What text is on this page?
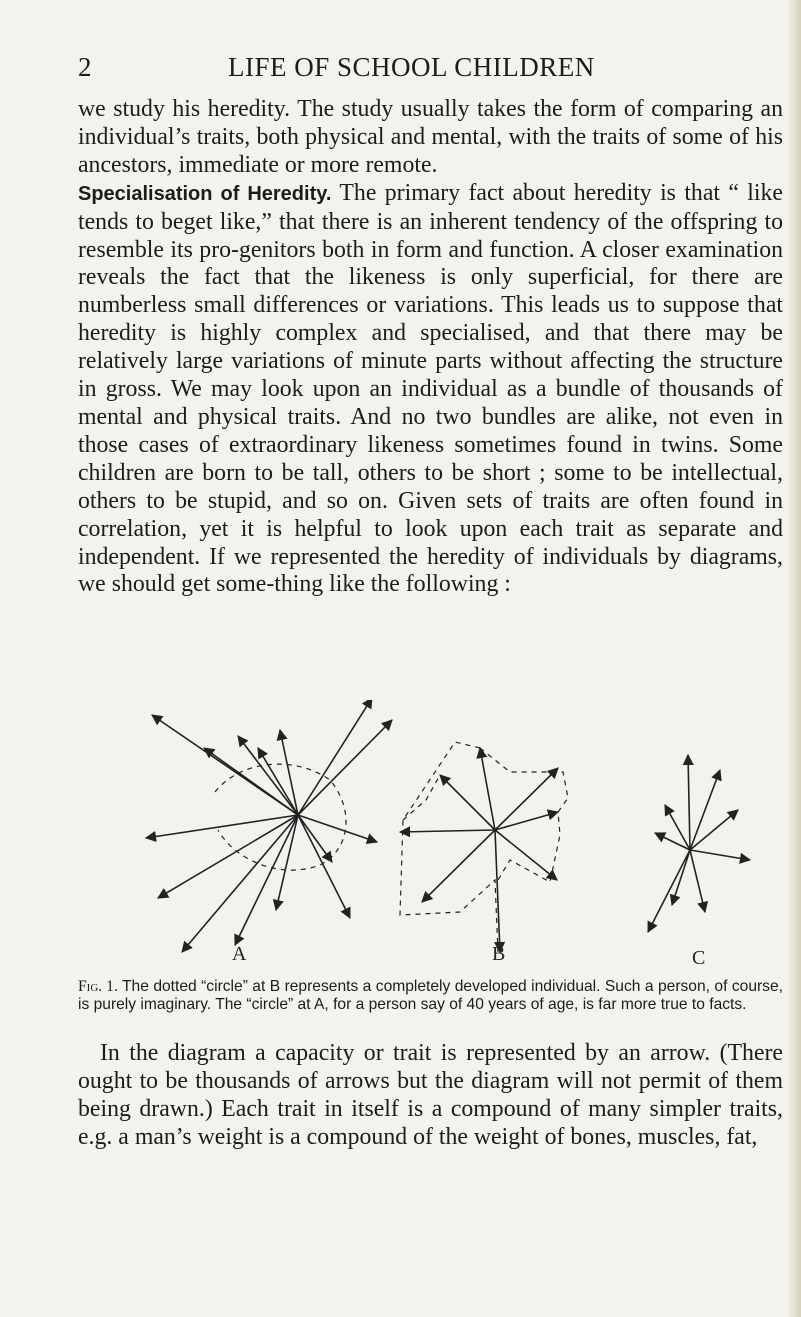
2	LIFE OF SCHOOL CHILDREN

we study his heredity. The study usually takes the form of comparing an individual’s traits, both physical and mental, with the traits of some of his ancestors, immediate or more remote.

Specialisation of Heredity. The primary fact about heredity is that “ like tends to beget like,” that there is an inherent tendency of the offspring to resemble its pro-genitors both in form and function. A closer examination reveals the fact that the likeness is only superficial, for there are numberless small differences or variations. This leads us to suppose that heredity is highly complex and specialised, and that there may be relatively large variations of minute parts without affecting the structure in gross. We may look upon an individual as a bundle of thousands of mental and physical traits. And no two bundles are alike, not even in those cases of extraordinary likeness sometimes found in twins. Some children are born to be tall, others to be short ; some to be intellectual, others to be stupid, and so on. Given sets of traits are often found in correlation, yet it is helpful to look upon each trait as separate and independent. If we represented the heredity of individuals by diagrams, we should get some-thing like the following :

A	B	C

Fig. 1. The dotted “circle” at B represents a completely developed individual. Such a person, of course, is purely imaginary. The “circle” at A, for a person say of 40 years of age, is far more true to facts.

In the diagram a capacity or trait is represented by an arrow. (There ought to be thousands of arrows but the diagram will not permit of them being drawn.) Each trait in itself is a compound of many simpler traits, e.g. a man’s weight is a compound of the weight of bones, muscles, fat,
